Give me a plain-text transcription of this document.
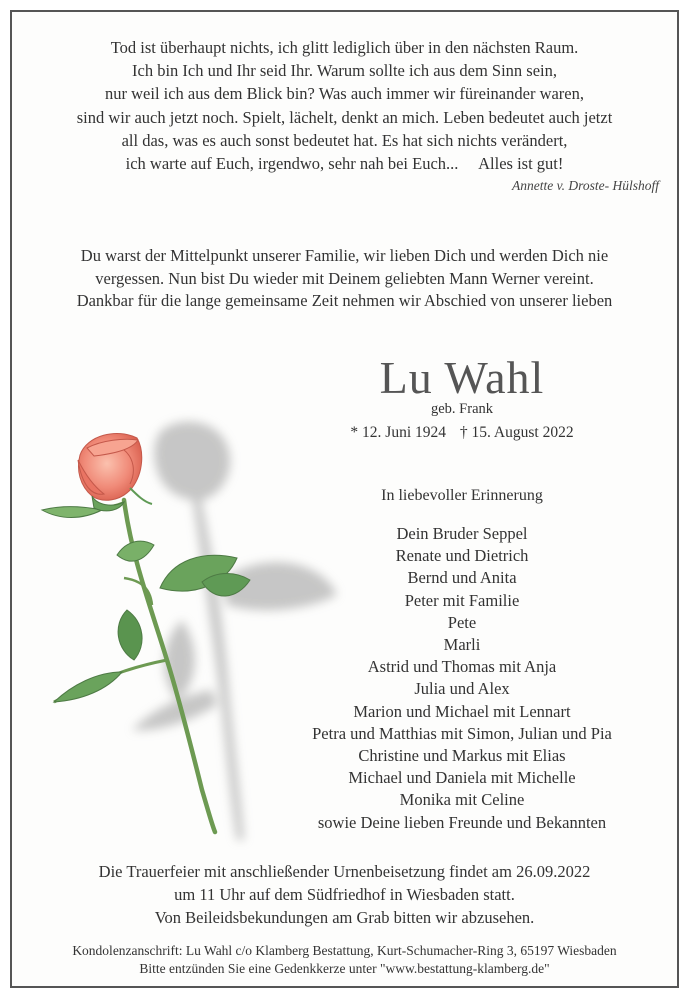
Tod ist überhaupt nichts, ich glitt lediglich über in den nächsten Raum.
Ich bin Ich und Ihr seid Ihr. Warum sollte ich aus dem Sinn sein,
nur weil ich aus dem Blick bin? Was auch immer wir füreinander waren,
sind wir auch jetzt noch. Spielt, lächelt, denkt an mich. Leben bedeutet auch jetzt
all das, was es auch sonst bedeutet hat. Es hat sich nichts verändert,
ich warte auf Euch, irgendwo, sehr nah bei Euch...     Alles ist gut!
Annette v. Droste- Hülshoff
Du warst der Mittelpunkt unserer Familie, wir lieben Dich und werden Dich nie
vergessen. Nun bist Du wieder mit Deinem geliebten Mann Werner vereint.
Dankbar für die lange gemeinsame Zeit nehmen wir Abschied von unserer lieben
Lu Wahl
geb. Frank
* 12. Juni 1924 † 15. August 2022
In liebevoller Erinnerung
Dein Bruder Seppel
Renate und Dietrich
Bernd und Anita
Peter mit Familie
Pete
Marli
Astrid und Thomas mit Anja
Julia und Alex
Marion und Michael mit Lennart
Petra und Matthias mit Simon, Julian und Pia
Christine und Markus mit Elias
Michael und Daniela mit Michelle
Monika mit Celine
sowie Deine lieben Freunde und Bekannten
Die Trauerfeier mit anschließender Urnenbeisetzung findet am 26.09.2022
um 11 Uhr auf dem Südfriedhof in Wiesbaden statt.
Von Beileidsbekundungen am Grab bitten wir abzusehen.
Kondolenzanschrift: Lu Wahl c/o Klamberg Bestattung, Kurt-Schumacher-Ring 3, 65197 Wiesbaden
Bitte entzünden Sie eine Gedenkkerze unter "www.bestattung-klamberg.de"
